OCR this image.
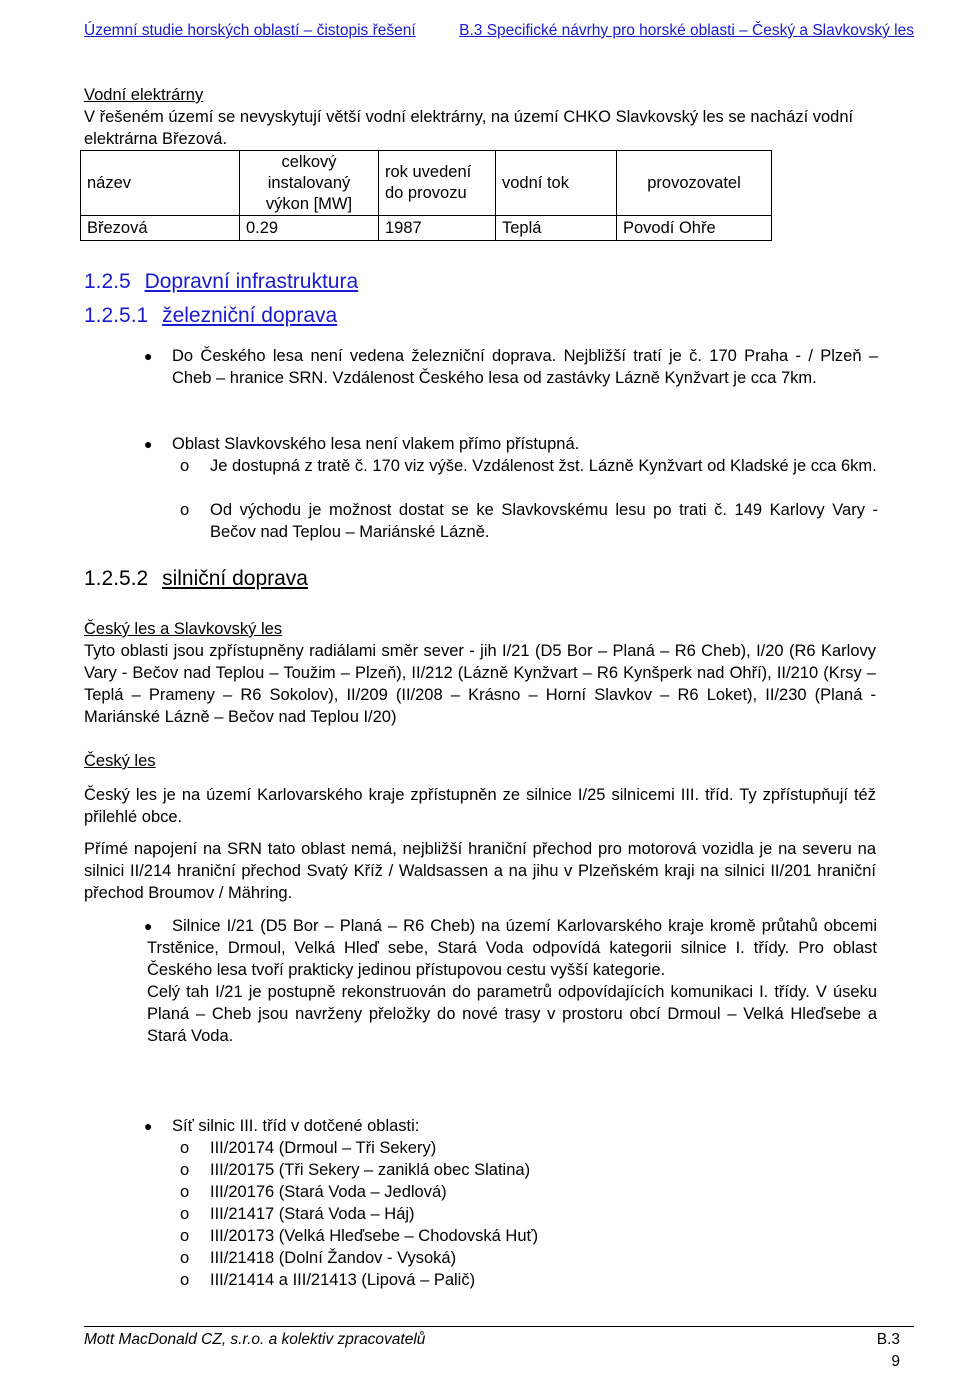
Územní studie horských oblastí – čistopis řešení	B.3 Specifické návrhy pro horské oblasti – Český a Slavkovský les
Vodní elektrárny
V řešeném území se nevyskytují větší vodní elektrárny, na území CHKO Slavkovský les se nachází vodní elektrárna Březová.
název	celkový instalovaný výkon [MW]	rok uvedení do provozu	vodní tok	provozovatel
Březová	0.29	1987	Teplá	Povodí Ohře
1.2.5 Dopravní infrastruktura
1.2.5.1 železniční doprava
● Do Českého lesa není vedena železniční doprava. Nejbližší tratí je č. 170 Praha - / Plzeň – Cheb – hranice SRN. Vzdálenost Českého lesa od zastávky Lázně Kynžvart je cca 7km.
● Oblast Slavkovského lesa není vlakem přímo přístupná.
o Je dostupná z tratě č. 170 viz výše. Vzdálenost žst. Lázně Kynžvart od Kladské je cca 6km.
o Od východu je možnost dostat se ke Slavkovskému lesu po trati č. 149 Karlovy Vary - Bečov nad Teplou – Mariánské Lázně.
1.2.5.2 silniční doprava
Český les a Slavkovský les
Tyto oblasti jsou zpřístupněny radiálami směr sever - jih I/21 (D5 Bor – Planá – R6 Cheb), I/20 (R6 Karlovy Vary - Bečov nad Teplou – Toužim – Plzeň), II/212 (Lázně Kynžvart – R6 Kynšperk nad Ohří), II/210 (Krsy – Teplá – Prameny – R6 Sokolov), II/209 (II/208 – Krásno – Horní Slavkov – R6 Loket), II/230 (Planá - Mariánské Lázně – Bečov nad Teplou I/20)
Český les
Český les je na území Karlovarského kraje zpřístupněn ze silnice I/25 silnicemi III. tříd. Ty zpřístupňují též přilehlé obce.
Přímé napojení na SRN tato oblast nemá, nejbližší hraniční přechod pro motorová vozidla je na severu na silnici II/214 hraniční přechod Svatý Kříž / Waldsassen a na jihu v Plzeňském kraji na silnici II/201 hraniční přechod Broumov / Mähring.
●	Silnice I/21 (D5 Bor – Planá – R6 Cheb) na území Karlovarského kraje kromě průtahů obcemi Trstěnice, Drmoul, Velká Hleď sebe, Stará Voda odpovídá kategorii silnice I. třídy. Pro oblast Českého lesa tvoří prakticky jedinou přístupovou cestu vyšší kategorie.
Celý tah I/21 je postupně rekonstruován do parametrů odpovídajících komunikaci I. třídy. V úseku Planá – Cheb jsou navrženy přeložky do nové trasy v prostoru obcí Drmoul – Velká Hleďsebe a Stará Voda.
● Síť silnic III. tříd v dotčené oblasti:
o III/20174 (Drmoul – Tři Sekery)
o III/20175 (Tři Sekery – zaniklá obec Slatina)
o III/20176 (Stará Voda – Jedlová)
o III/21417 (Stará Voda – Háj)
o III/20173 (Velká Hleďsebe – Chodovská Huť)
o III/21418 (Dolní Žandov - Vysoká)
o III/21414 a III/21413 (Lipová – Palič)
Mott MacDonald CZ, s.r.o. a kolektiv zpracovatelů	B.3
9
